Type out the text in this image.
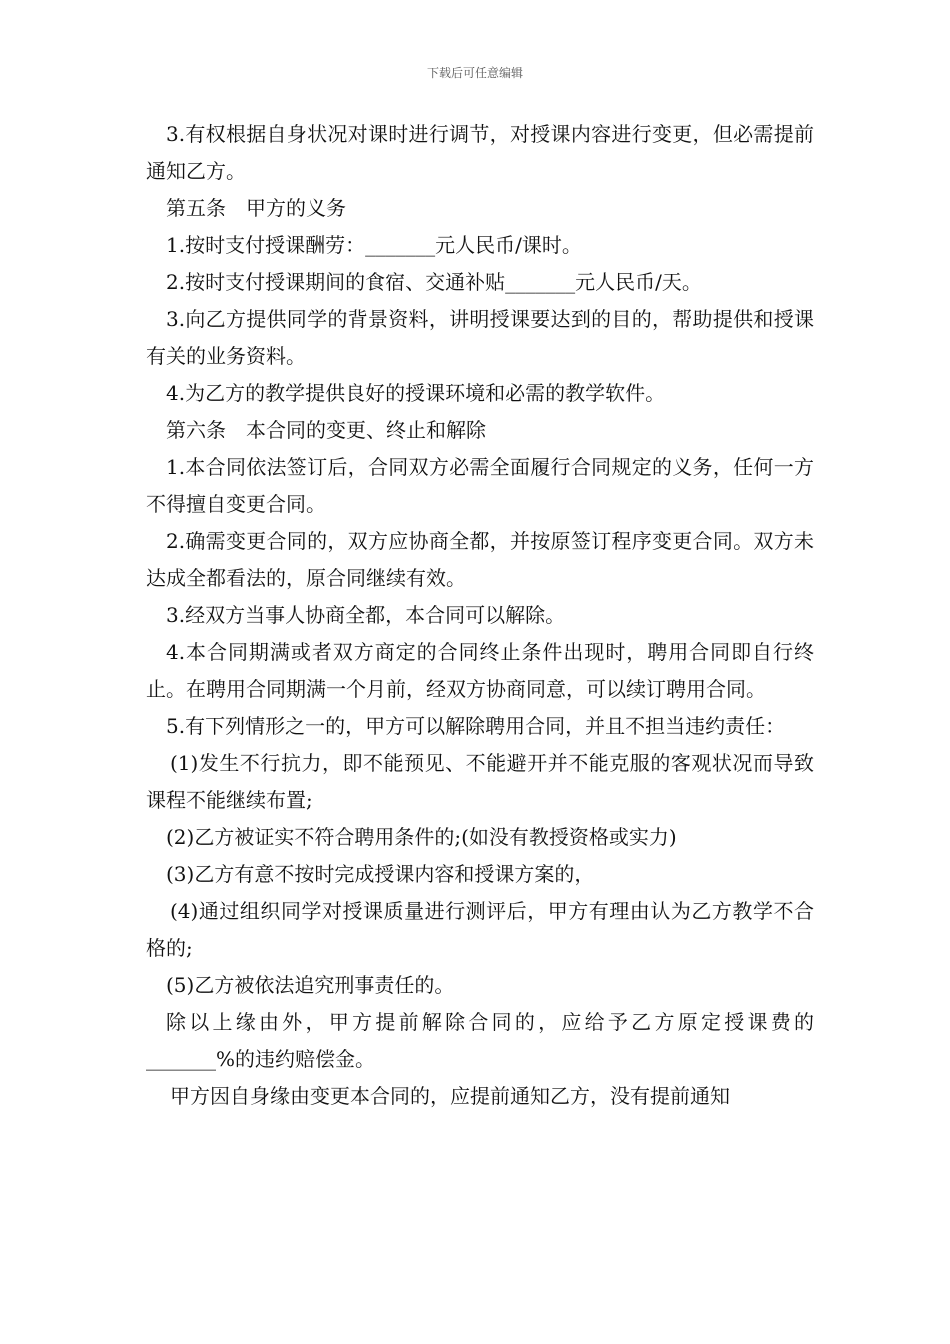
下载后可任意编辑

3.有权根据自身状况对课时进行调节，对授课内容进行变更，但必需提前通知乙方。

第五条　甲方的义务

1.按时支付授课酬劳：_______元人民币/课时。

2.按时支付授课期间的食宿、交通补贴_______元人民币/天。

3.向乙方提供同学的背景资料，讲明授课要达到的目的，帮助提供和授课有关的业务资料。

4.为乙方的教学提供良好的授课环境和必需的教学软件。

第六条　本合同的变更、终止和解除

1.本合同依法签订后，合同双方必需全面履行合同规定的义务，任何一方不得擅自变更合同。

2.确需变更合同的，双方应协商全都，并按原签订程序变更合同。双方未达成全都看法的，原合同继续有效。

3.经双方当事人协商全都，本合同可以解除。

4.本合同期满或者双方商定的合同终止条件出现时，聘用合同即自行终止。在聘用合同期满一个月前，经双方协商同意，可以续订聘用合同。

5.有下列情形之一的，甲方可以解除聘用合同，并且不担当违约责任：

(1)发生不行抗力，即不能预见、不能避开并不能克服的客观状况而导致课程不能继续布置;

(2)乙方被证实不符合聘用条件的;(如没有教授资格或实力)

(3)乙方有意不按时完成授课内容和授课方案的，

(4)通过组织同学对授课质量进行测评后，甲方有理由认为乙方教学不合格的;

(5)乙方被依法追究刑事责任的。

除以上缘由外，甲方提前解除合同的，应给予乙方原定授课费的_______%的违约赔偿金。

甲方因自身缘由变更本合同的，应提前通知乙方，没有提前通知
